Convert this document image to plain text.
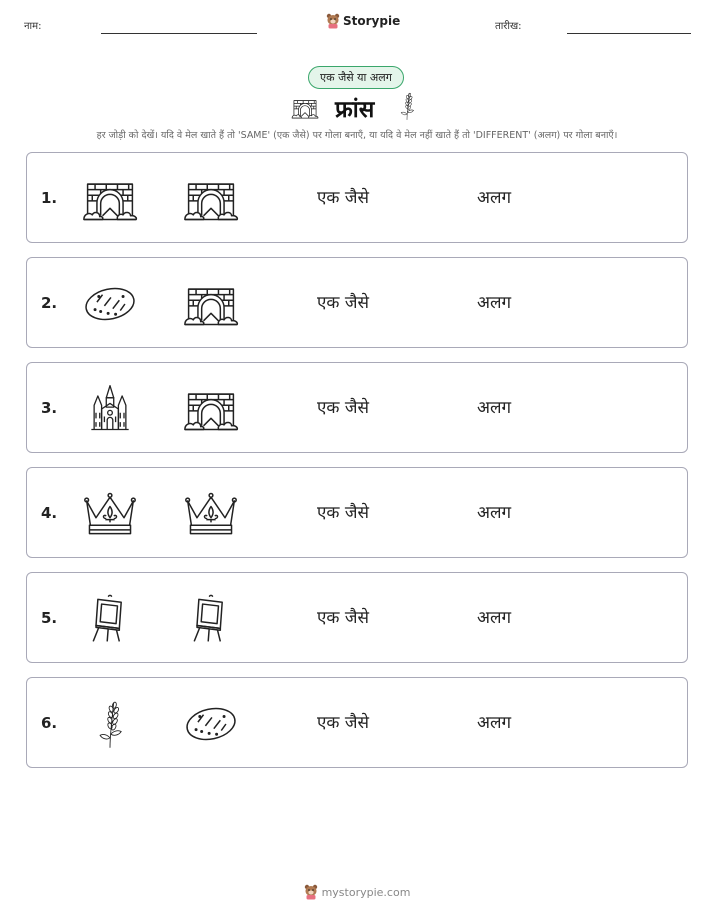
नाम:	Storypie	तारीख:
एक जैसे या अलग
फ्रांस
हर जोड़ी को देखें। यदि वे मेल खाते हैं तो 'SAME' (एक जैसे) पर गोला बनाएँ, या यदि वे मेल नहीं खाते हैं तो 'DIFFERENT' (अलग) पर गोला बनाएँ।
1.	एक जैसे	अलग
2.	एक जैसे	अलग
3.	एक जैसे	अलग
4.	एक जैसे	अलग
5.	एक जैसे	अलग
6.	एक जैसे	अलग
mystorypie.com
